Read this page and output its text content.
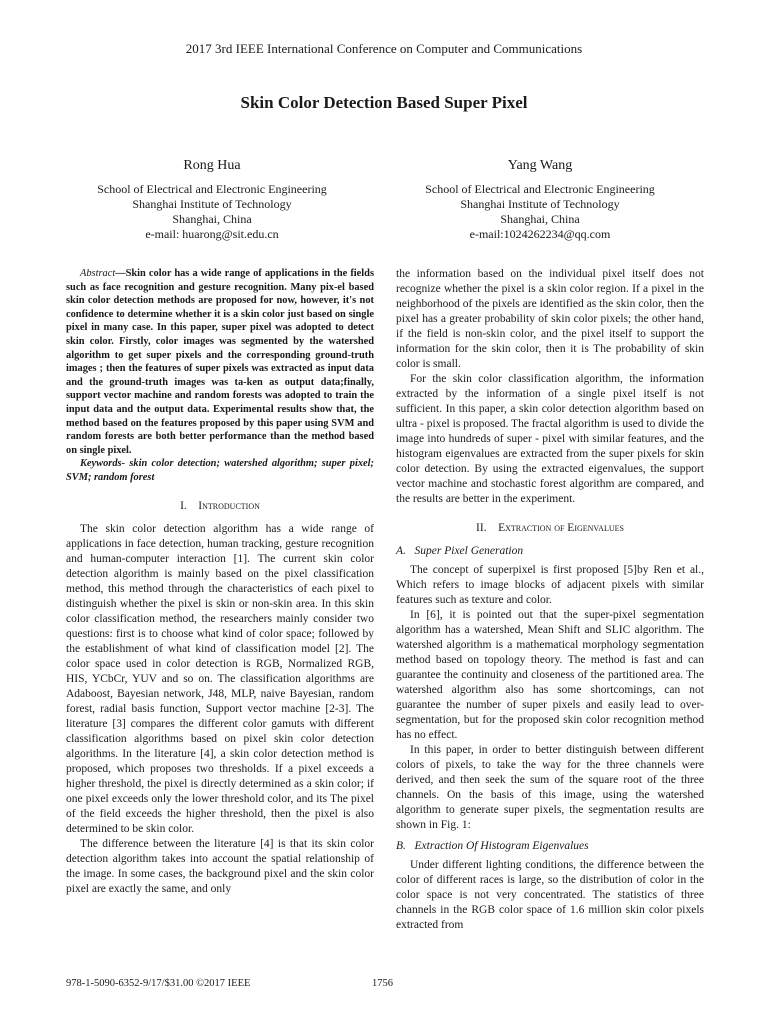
2017 3rd IEEE International Conference on Computer and Communications
Skin Color Detection Based Super Pixel
Rong Hua
School of Electrical and Electronic Engineering
Shanghai Institute of Technology
Shanghai, China
e-mail: huarong@sit.edu.cn
Yang Wang
School of Electrical and Electronic Engineering
Shanghai Institute of Technology
Shanghai, China
e-mail:1024262234@qq.com

Abstract—Skin color has a wide range of applications in the fields such as face recognition and gesture recognition. Many pix-el based skin color detection methods are proposed for now, however, it's not confidence to determine whether it is a skin color just based on single pixel in many case. In this paper, super pixel was adopted to detect skin color. Firstly, color images was segmented by the watershed algorithm to get super pixels and the corresponding ground-truth images ; then the features of super pixels was extracted as input data and the ground-truth images was ta-ken as output data;finally, support vector machine and random forests was adopted to train the input data and the output data. Experimental results show that, the method based on the features proposed by this paper using SVM and random forests are both better performance than the method based on single pixel.

Keywords- skin color detection; watershed algorithm; super pixel; SVM; random forest

I. Introduction

The skin color detection algorithm has a wide range of applications in face detection, human tracking, gesture recognition and human-computer interaction [1]. The current skin color detection algorithm is mainly based on the pixel classification method, this method through the characteristics of each pixel to distinguish whether the pixel is skin or non-skin area. In this skin color classification method, the researchers mainly consider two questions: first is to choose what kind of color space; followed by the establishment of what kind of classification model [2]. The color space used in color detection is RGB, Normalized RGB, HIS, YCbCr, YUV and so on. The classification algorithms are Adaboost, Bayesian network, J48, MLP, naive Bayesian, random forest, radial basis function, Support vector machine [2-3]. The literature [3] compares the different color gamuts with different classification algorithms based on pixel skin color detection algorithms. In the literature [4], a skin color detection method is proposed, which proposes two thresholds. If a pixel exceeds a higher threshold, the pixel is directly determined as a skin color; if one pixel exceeds only the lower threshold color, and its The pixel of the field exceeds the higher threshold, then the pixel is also determined to be skin color.

The difference between the literature [4] is that its skin color detection algorithm takes into account the spatial relationship of the image. In some cases, the background pixel and the skin color pixel are exactly the same, and only

the information based on the individual pixel itself does not recognize whether the pixel is a skin color region. If a pixel in the neighborhood of the pixels are identified as the skin color, then the pixel has a greater probability of skin color pixels; the other hand, if the field is non-skin color, and the pixel itself to support the information for the skin color, then it is The probability of skin color is small.

For the skin color classification algorithm, the information extracted by the information of a single pixel itself is not sufficient. In this paper, a skin color detection algorithm based on ultra - pixel is proposed. The fractal algorithm is used to divide the image into hundreds of super - pixel with similar features, and the histogram eigenvalues are extracted from the super pixels for skin color detection. By using the extracted eigenvalues, the support vector machine and stochastic forest algorithm are compared, and the results are better in the experiment.

II. Extraction of Eigenvalues
A. Super Pixel Generation

The concept of superpixel is first proposed [5]by Ren et al., Which refers to image blocks of adjacent pixels with similar features such as texture and color.

In [6], it is pointed out that the super-pixel segmentation algorithm has a watershed, Mean Shift and SLIC algorithm. The watershed algorithm is a mathematical morphology segmentation method based on topology theory. The method is fast and can guarantee the continuity and closeness of the partitioned area. The watershed algorithm also has some shortcomings, can not guarantee the number of super pixels and easily lead to over-segmentation, but for the proposed skin color recognition method has no effect.

In this paper, in order to better distinguish between different colors of pixels, to take the way for the three channels were derived, and then seek the sum of the square root of the three channels. On the basis of this image, using the watershed algorithm to generate super pixels, the segmentation results are shown in Fig. 1:

B. Extraction Of Histogram Eigenvalues

Under different lighting conditions, the difference between the color of different races is large, so the distribution of color in the color space is not very concentrated. The statistics of three channels in the RGB color space of 1.6 million skin color pixels extracted from

978-1-5090-6352-9/17/$31.00 ©2017 IEEE	1756
